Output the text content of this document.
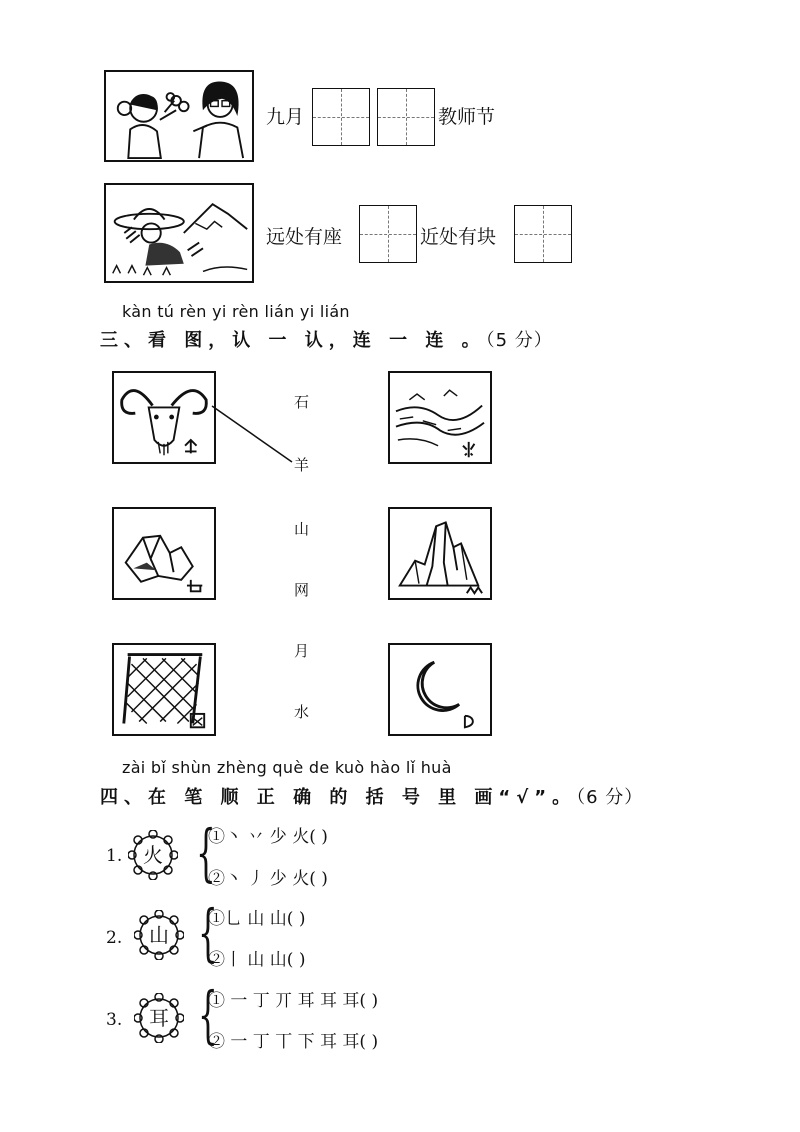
九月	教师节
远处有座	近处有块
kàn tú rèn yi rèn lián yi lián
三、看 图，认 一 认，连 一 连 。（5 分）
石
羊
山
网
月
水
zài bǐ shùn zhèng què de kuò hào lǐ huà
四、在 笔 顺 正 确 的 括 号 里 画“√”。（6 分）
1.	火 {
①丶 丷 少 火( )
②丶 丿 少 火( )
2.	山 {
①乚 山 山( )
②丨 山 山( )
3.	耳 {
① 一 丁 丌 耳 耳 耳( )
② 一 丁 丅 下 耳 耳( )
